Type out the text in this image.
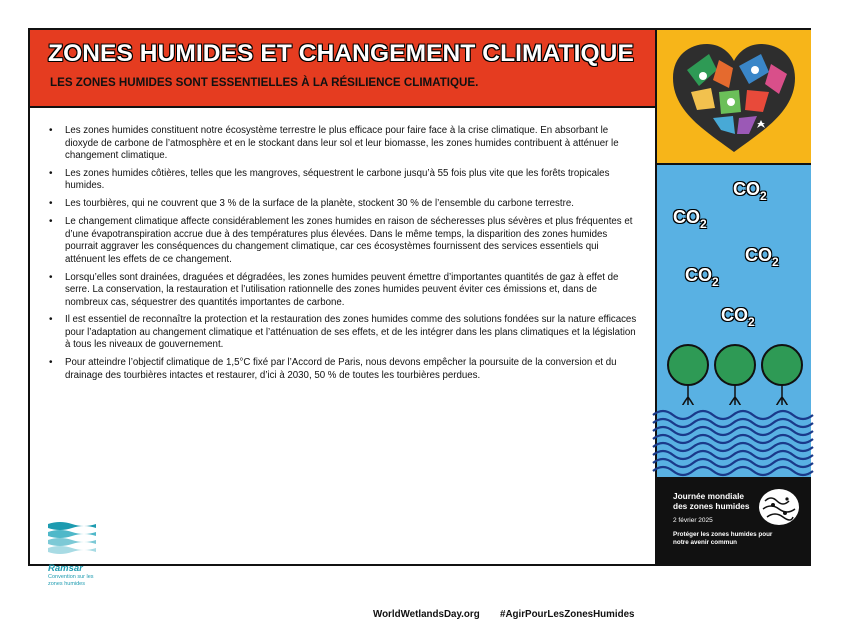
ZONES HUMIDES ET CHANGEMENT CLIMATIQUE

LES ZONES HUMIDES SONT ESSENTIELLES À LA RÉSILIENCE CLIMATIQUE.

• Les zones humides constituent notre écosystème terrestre le plus efficace pour faire face à la crise climatique. En absorbant le dioxyde de carbone de l’atmosphère et en le stockant dans leur sol et leur biomasse, les zones humides contribuent à atténuer le changement climatique.
• Les zones humides côtières, telles que les mangroves, séquestrent le carbone jusqu’à 55 fois plus vite que les forêts tropicales humides.
• Les tourbières, qui ne couvrent que 3 % de la surface de la planète, stockent 30 % de l’ensemble du carbone terrestre.
• Le changement climatique affecte considérablement les zones humides en raison de sécheresses plus sévères et plus fréquentes et d’une évapotranspiration accrue due à des températures plus élevées. Dans le même temps, la disparition des zones humides pourrait aggraver les conséquences du changement climatique, car ces écosystèmes fournissent des services essentiels qui atténuent les effets de ce changement.
• Lorsqu’elles sont drainées, draguées et dégradées, les zones humides peuvent émettre d’importantes quantités de gaz à effet de serre. La conservation, la restauration et l’utilisation rationnelle des zones humides peuvent éviter ces émissions et, dans de nombreux cas, séquestrer des quantités importantes de carbone.
• Il est essentiel de reconnaître la protection et la restauration des zones humides comme des solutions fondées sur la nature efficaces pour l’adaptation au changement climatique et l’atténuation de ses effets, et de les intégrer dans les plans climatiques et la législation à tous les niveaux de gouvernement.
• Pour atteindre l’objectif climatique de 1,5°C fixé par l’Accord de Paris, nous devons empêcher la poursuite de la conversion et du drainage des tourbières intactes et restaurer, d’ici à 2030, 50 % de toutes les tourbières perdues.

Ramsar

Convention sur les zones humides

WorldWetlandsDay.org #AgirPourLesZonesHumides

$CO_2$
$CO_2$
$CO_2$
$CO_2$
$CO_2$

Journée mondiale des zones humides

2 février 2025

Protéger les zones humides pour notre avenir commun
